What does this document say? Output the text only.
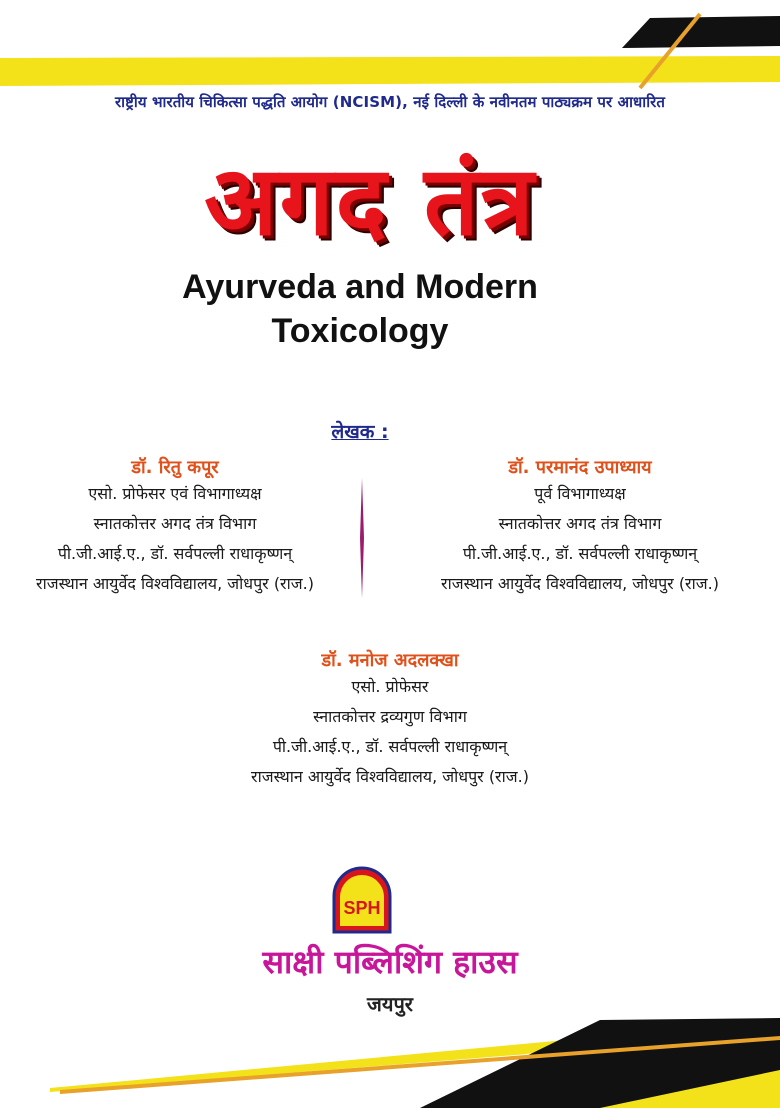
राष्ट्रीय भारतीय चिकित्सा पद्धति आयोग (NCISM), नई दिल्ली के नवीनतम पाठ्यक्रम पर आधारित
अगद तंत्र
Ayurveda and Modern
Toxicology
लेखक :
डॉ. रितु कपूर
एसो. प्रोफेसर एवं विभागाध्यक्ष
स्नातकोत्तर अगद तंत्र विभाग
पी.जी.आई.ए., डॉ. सर्वपल्ली राधाकृष्णन्
राजस्थान आयुर्वेद विश्वविद्यालय, जोधपुर (राज.)
डॉ. परमानंद उपाध्याय
पूर्व विभागाध्यक्ष
स्नातकोत्तर अगद तंत्र विभाग
पी.जी.आई.ए., डॉ. सर्वपल्ली राधाकृष्णन्
राजस्थान आयुर्वेद विश्वविद्यालय, जोधपुर (राज.)
डॉ. मनोज अदलक्खा
एसो. प्रोफेसर
स्नातकोत्तर द्रव्यगुण विभाग
पी.जी.आई.ए., डॉ. सर्वपल्ली राधाकृष्णन्
राजस्थान आयुर्वेद विश्वविद्यालय, जोधपुर (राज.)
SPH
साक्षी पब्लिशिंग हाउस
जयपुर
